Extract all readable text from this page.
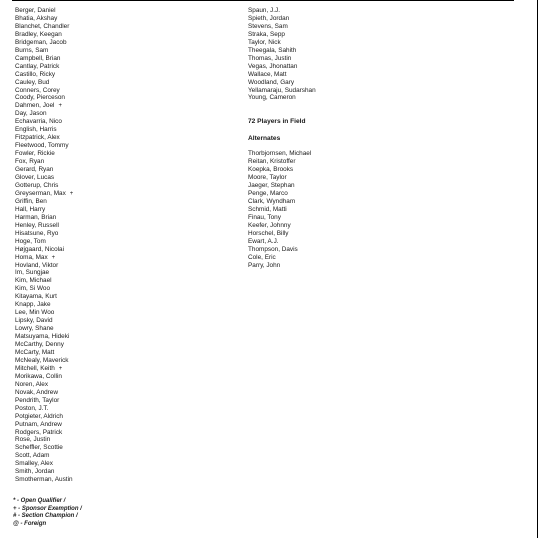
Berger, Daniel
Bhatia, Akshay
Blanchet, Chandler
Bradley, Keegan
Bridgeman, Jacob
Burns, Sam
Campbell, Brian
Cantlay, Patrick
Castillo, Ricky
Cauley, Bud
Conners, Corey
Coody, Pierceson
Dahmen, Joel +
Day, Jason
Echavarria, Nico
English, Harris
Fitzpatrick, Alex
Fleetwood, Tommy
Fowler, Rickie
Fox, Ryan
Gerard, Ryan
Glover, Lucas
Gotterup, Chris
Greyserman, Max +
Griffin, Ben
Hall, Harry
Harman, Brian
Henley, Russell
Hisatsune, Ryo
Hoge, Tom
Højgaard, Nicolai
Homa, Max +
Hovland, Viktor
Im, Sungjae
Kim, Michael
Kim, Si Woo
Kitayama, Kurt
Knapp, Jake
Lee, Min Woo
Lipsky, David
Lowry, Shane
Matsuyama, Hideki
McCarthy, Denny
McCarty, Matt
McNealy, Maverick
Mitchell, Keith +
Morikawa, Collin
Noren, Alex
Novak, Andrew
Pendrith, Taylor
Poston, J.T.
Potgieter, Aldrich
Putnam, Andrew
Rodgers, Patrick
Rose, Justin
Scheffler, Scottie
Scott, Adam
Smalley, Alex
Smith, Jordan
Smotherman, Austin
Spaun, J.J.
Spieth, Jordan
Stevens, Sam
Straka, Sepp
Taylor, Nick
Theegala, Sahith
Thomas, Justin
Vegas, Jhonattan
Wallace, Matt
Woodland, Gary
Yellamaraju, Sudarshan
Young, Cameron
72 Players in Field
Alternates
Thorbjornsen, Michael
Reitan, Kristoffer
Koepka, Brooks
Moore, Taylor
Jaeger, Stephan
Penge, Marco
Clark, Wyndham
Schmid, Matti
Finau, Tony
Keefer, Johnny
Horschel, Billy
Ewart, A.J.
Thompson, Davis
Cole, Eric
Parry, John
* - Open Qualifier /
+ - Sponsor Exemption /
# - Section Champion /
@ - Foreign
